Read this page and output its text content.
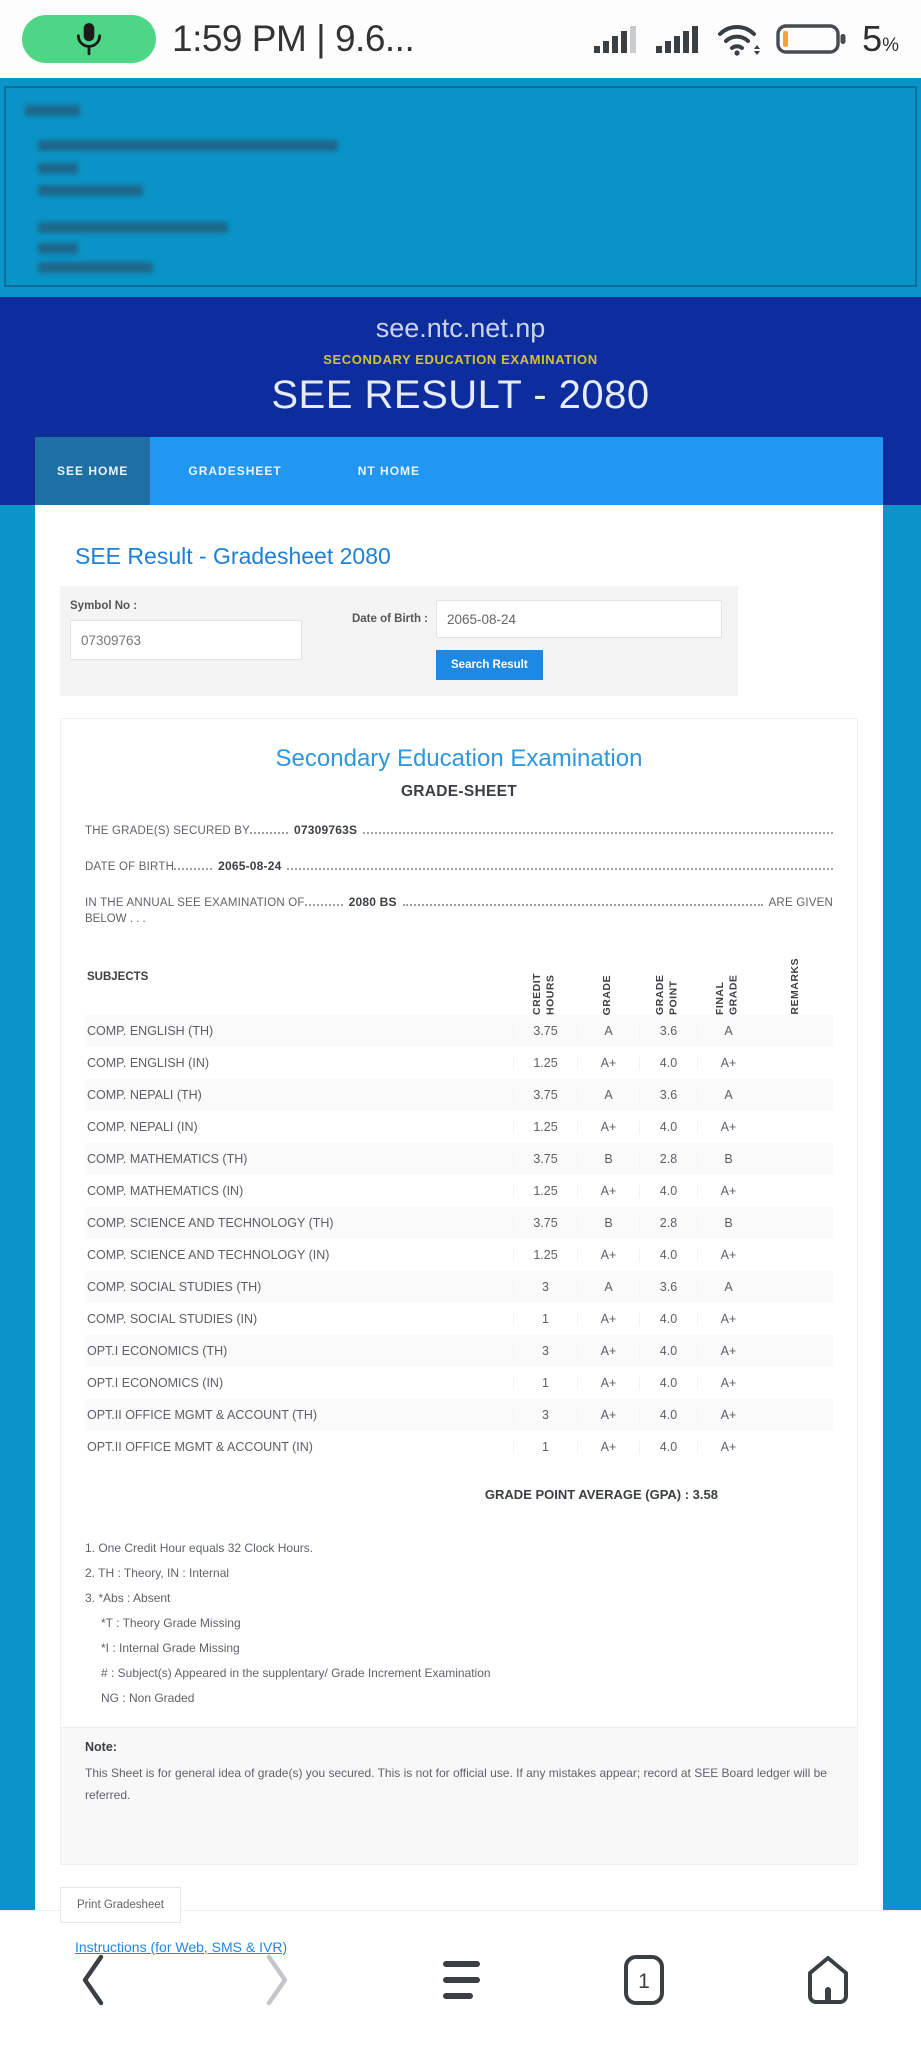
1:59 PM | 9.6...	5%
see.ntc.net.np
SECONDARY EDUCATION EXAMINATION
SEE RESULT - 2080
SEE HOME	GRADESHEET	NT HOME
SEE Result - Gradesheet 2080
Symbol No :
07309763
Date of Birth :
2065-08-24
Search Result
Secondary Education Examination
GRADE-SHEET
THE GRADE(S) SECURED BY	07309763S
DATE OF BIRTH	2065-08-24
IN THE ANNUAL SEE EXAMINATION OF	2080 BS	ARE GIVEN
BELOW . . .
SUBJECTS	CREDIT HOURS	GRADE	GRADE POINT	FINAL GRADE	REMARKS
COMP. ENGLISH (TH)	3.75	A	3.6	A
COMP. ENGLISH (IN)	1.25	A+	4.0	A+
COMP. NEPALI (TH)	3.75	A	3.6	A
COMP. NEPALI (IN)	1.25	A+	4.0	A+
COMP. MATHEMATICS (TH)	3.75	B	2.8	B
COMP. MATHEMATICS (IN)	1.25	A+	4.0	A+
COMP. SCIENCE AND TECHNOLOGY (TH)	3.75	B	2.8	B
COMP. SCIENCE AND TECHNOLOGY (IN)	1.25	A+	4.0	A+
COMP. SOCIAL STUDIES (TH)	3	A	3.6	A
COMP. SOCIAL STUDIES (IN)	1	A+	4.0	A+
OPT.I ECONOMICS (TH)	3	A+	4.0	A+
OPT.I ECONOMICS (IN)	1	A+	4.0	A+
OPT.II OFFICE MGMT & ACCOUNT (TH)	3	A+	4.0	A+
OPT.II OFFICE MGMT & ACCOUNT (IN)	1	A+	4.0	A+
GRADE POINT AVERAGE (GPA) : 3.58
1. One Credit Hour equals 32 Clock Hours.
2. TH : Theory, IN : Internal
3. *Abs : Absent
*T : Theory Grade Missing
*I : Internal Grade Missing
# : Subject(s) Appeared in the supplentary/ Grade Increment Examination
NG : Non Graded
Note:
This Sheet is for general idea of grade(s) you secured. This is not for official use. If any mistakes appear; record at SEE Board ledger will be referred.
Print Gradesheet
Instructions (for Web, SMS & IVR)
1
